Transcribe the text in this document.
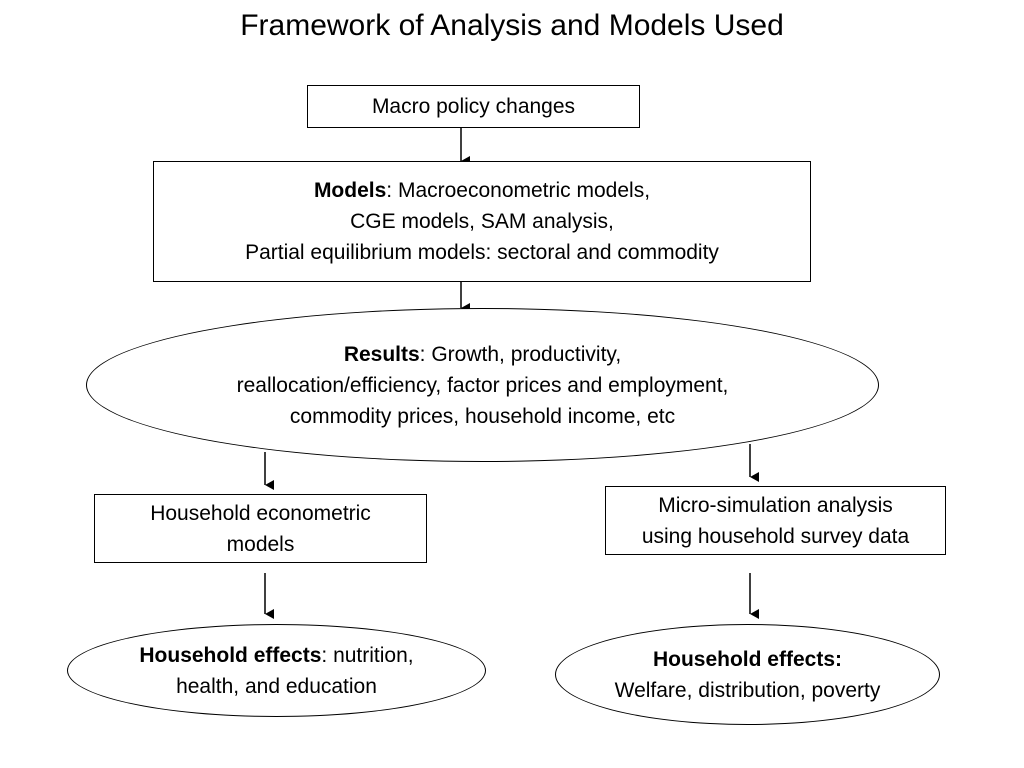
Framework of Analysis and Models Used
Macro policy changes
Models: Macroeconometric models,
CGE models, SAM analysis,
Partial equilibrium models: sectoral and commodity
Results: Growth, productivity,
reallocation/efficiency, factor prices and employment,
commodity prices, household income, etc
Household econometric
models
Micro-simulation analysis
using household survey data
Household effects: nutrition,
health, and education
Household effects:
Welfare, distribution, poverty
